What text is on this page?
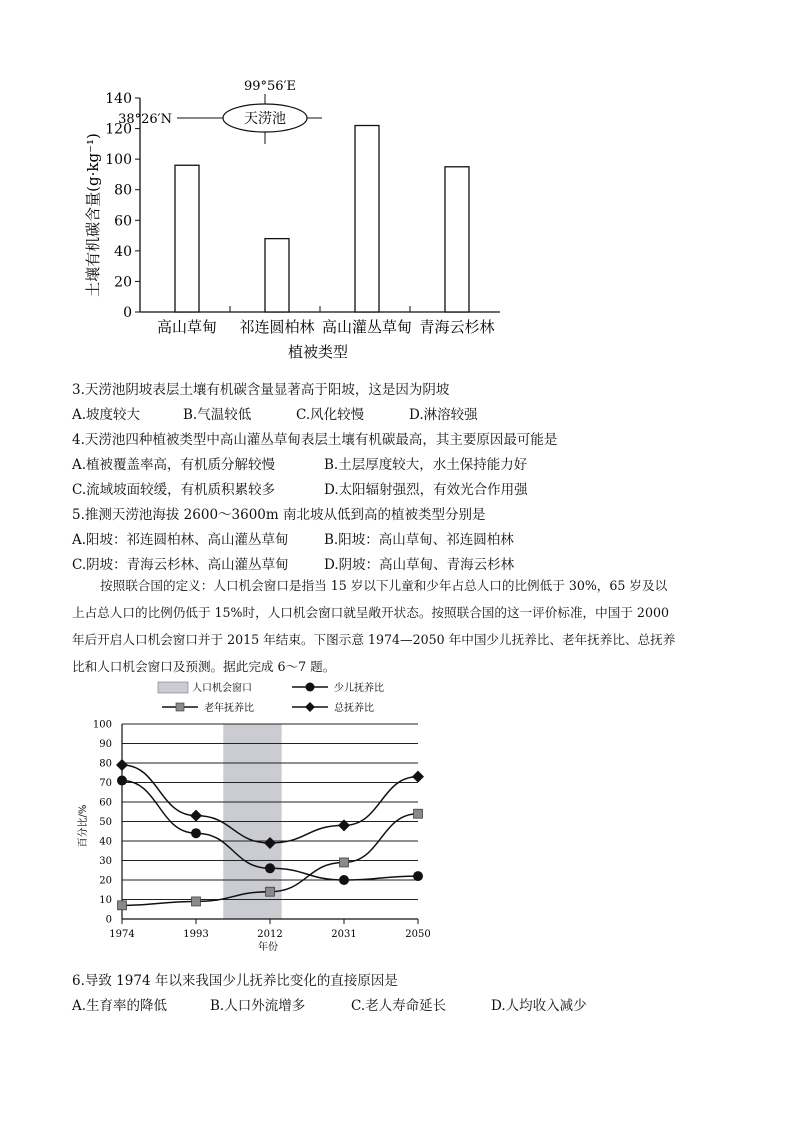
0
20
40
60
80
100
120
140
高山草甸 祁连圆柏林 高山灌丛草甸 青海云杉林
土壤有机碳含量(g·kg⁻¹)
植被类型
天涝池
38°26′N
99°56′E
3.天涝池阴坡表层土壤有机碳含量显著高于阳坡，这是因为阴坡
A.坡度较大	B.气温较低	C.风化较慢	D.淋溶较强
4.天涝池四种植被类型中高山灌丛草甸表层土壤有机碳最高，其主要原因最可能是
A.植被覆盖率高，有机质分解较慢	B.土层厚度较大，水土保持能力好
C.流域坡面较缓，有机质积累较多	D.太阳辐射强烈，有效光合作用强
5.推测天涝池海拔 2600～3600m 南北坡从低到高的植被类型分别是
A.阳坡：祁连圆柏林、高山灌丛草甸	B.阳坡：高山草甸、祁连圆柏林
C.阴坡：青海云杉林、高山灌丛草甸	D.阴坡：高山草甸、青海云杉林
按照联合国的定义：人口机会窗口是指当 15 岁以下儿童和少年占总人口的比例低于 30%，65 岁及以
上占总人口的比例仍低于 15%时，人口机会窗口就呈敞开状态。按照联合国的这一评价标准，中国于 2000
年后开启人口机会窗口并于 2015 年结束。下图示意 1974—2050 年中国少儿抚养比、老年抚养比、总抚养
比和人口机会窗口及预测。据此完成 6～7 题。
人口机会窗口	少儿抚养比
老年抚养比	总抚养比
0
10
20
30
40
50
60
70
80
90
100
1974	1993	2012	2031	2050
百分比/%
年份
6.导致 1974 年以来我国少儿抚养比变化的直接原因是
A.生育率的降低	B.人口外流增多	C.老人寿命延长	D.人均收入减少
